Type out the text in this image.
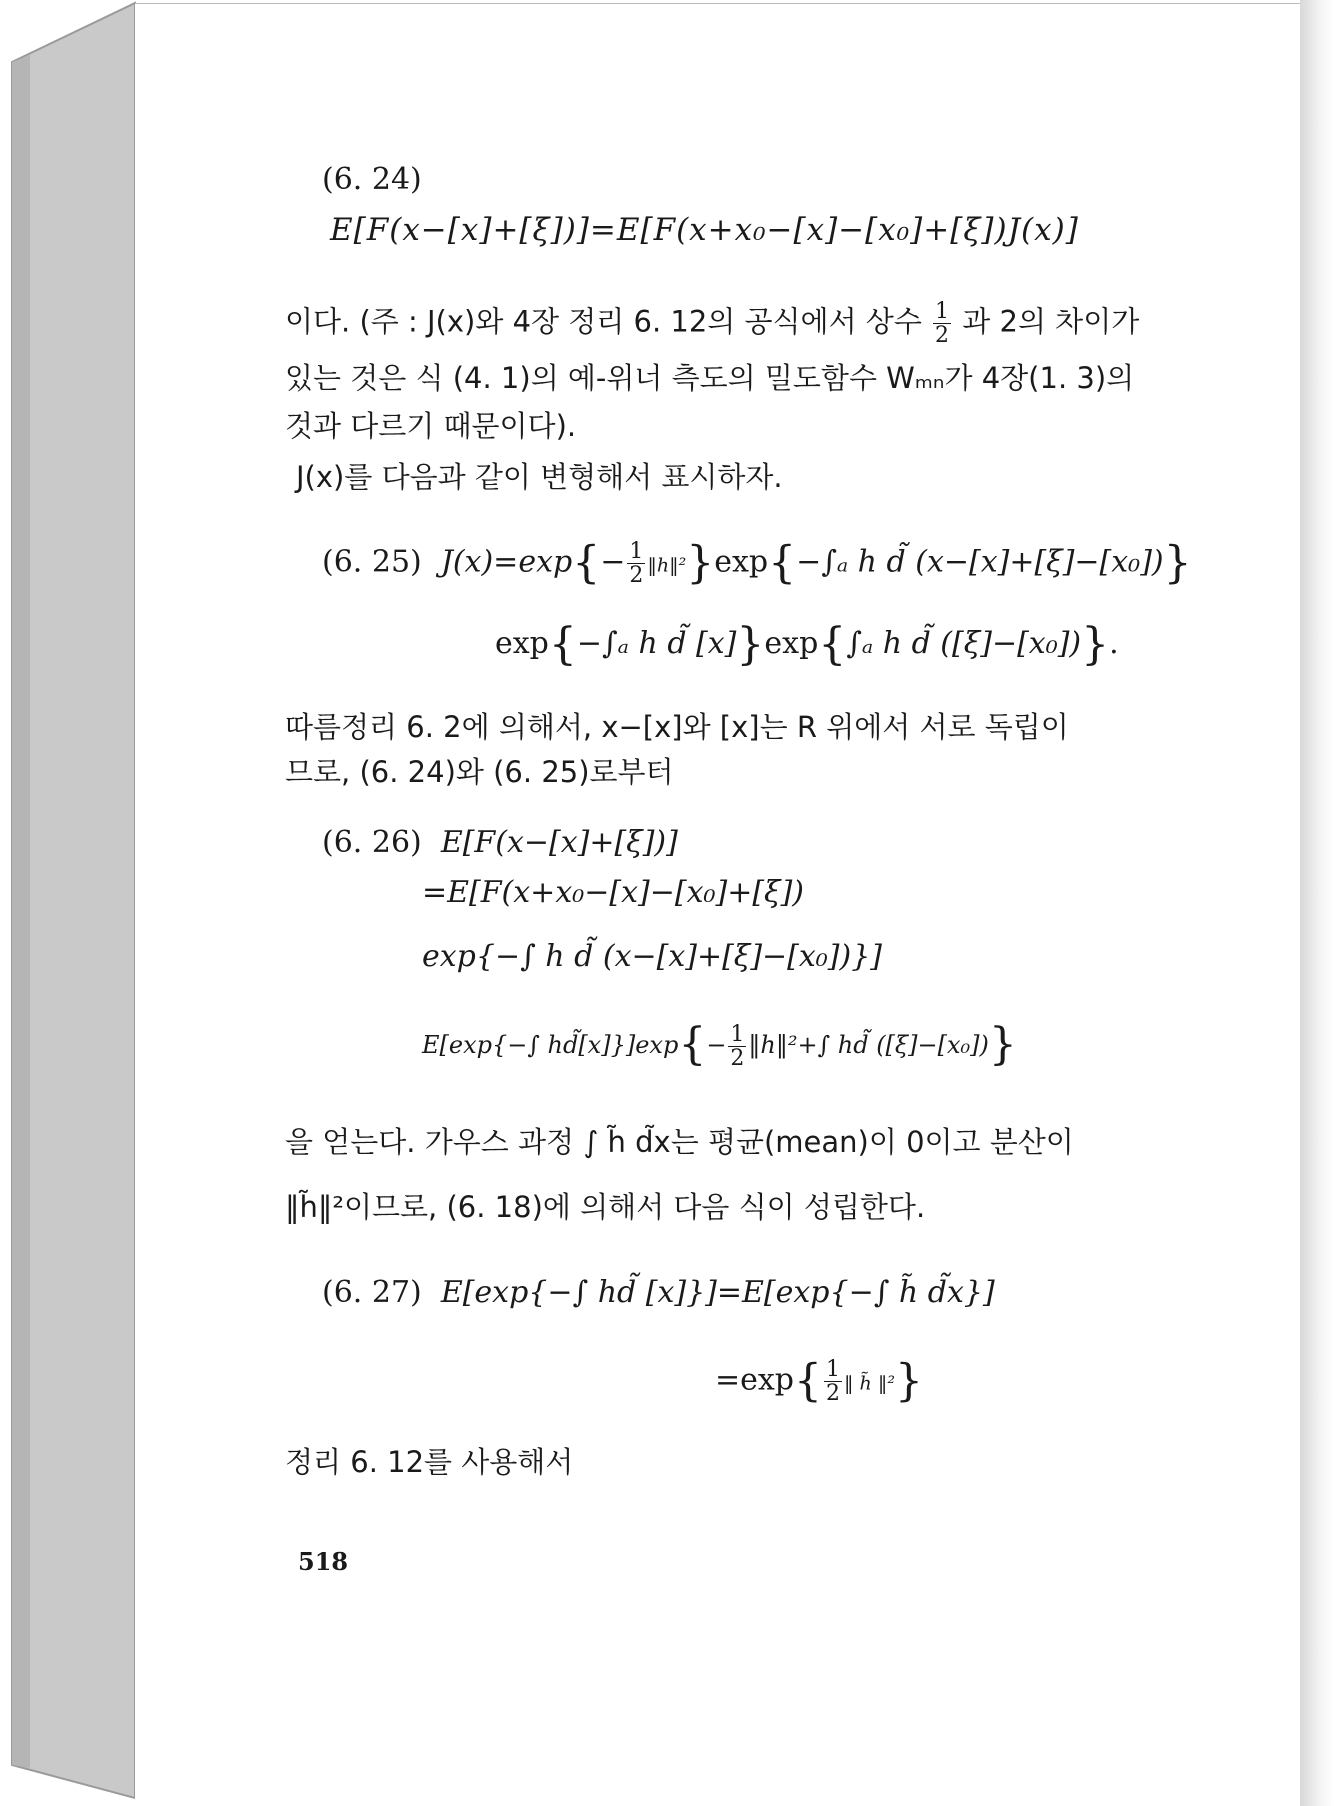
(6. 24)
E[F(x−[x]+[ξ])]=E[F(x+x₀−[x]−[x₀]+[ξ])J(x)]
이다. (주 : J(x)와 4장 정리 6. 12의 공식에서 상수 $\frac{1}{2}$ 과 2의 차이가
있는 것은 식 (4. 1)의 예-위너 측도의 밀도함수 Wₘₙ가 4장(1. 3)의
것과 다르기 때문이다).
J(x)를 다음과 같이 변형해서 표시하자.
(6. 25) $J(x)=\exp\{- \frac{1}{2}$ ‖h‖²}exp{−∫ₐ h d̃ (x−[x]+[ξ]−[x₀])}
exp{−∫ₐ h d̃ [x]}exp{∫ₐ h d̃ ([ξ]−[x₀])}.
따름정리 6. 2에 의해서, x−[x]와 [x]는 R 위에서 서로 독립이
므로, (6. 24)와 (6. 25)로부터
(6. 26) E[F(x−[x]+[ξ])]
=E[F(x+x₀−[x]−[x₀]+[ξ])
exp{−∫ h d̃ (x−[x]+[ξ]−[x₀])}]
E[exp{−∫ hd̃[x]}]exp{− $\frac{1}{2}$ ‖h‖²+∫ hd̃ ([ξ]−[x₀])}
을 얻는다. 가우스 과정 ∫ h̃ d̃x는 평균(mean)이 0이고 분산이
‖h̃‖²이므로, (6. 18)에 의해서 다음 식이 성립한다.
(6. 27) E[exp{−∫ hd̃ [x]}]=E[exp{−∫ h̃ d̃x}]
$=\exp\{ \frac{1}{2}$ ‖ h̃ ‖²}
정리 6. 12를 사용해서
518
